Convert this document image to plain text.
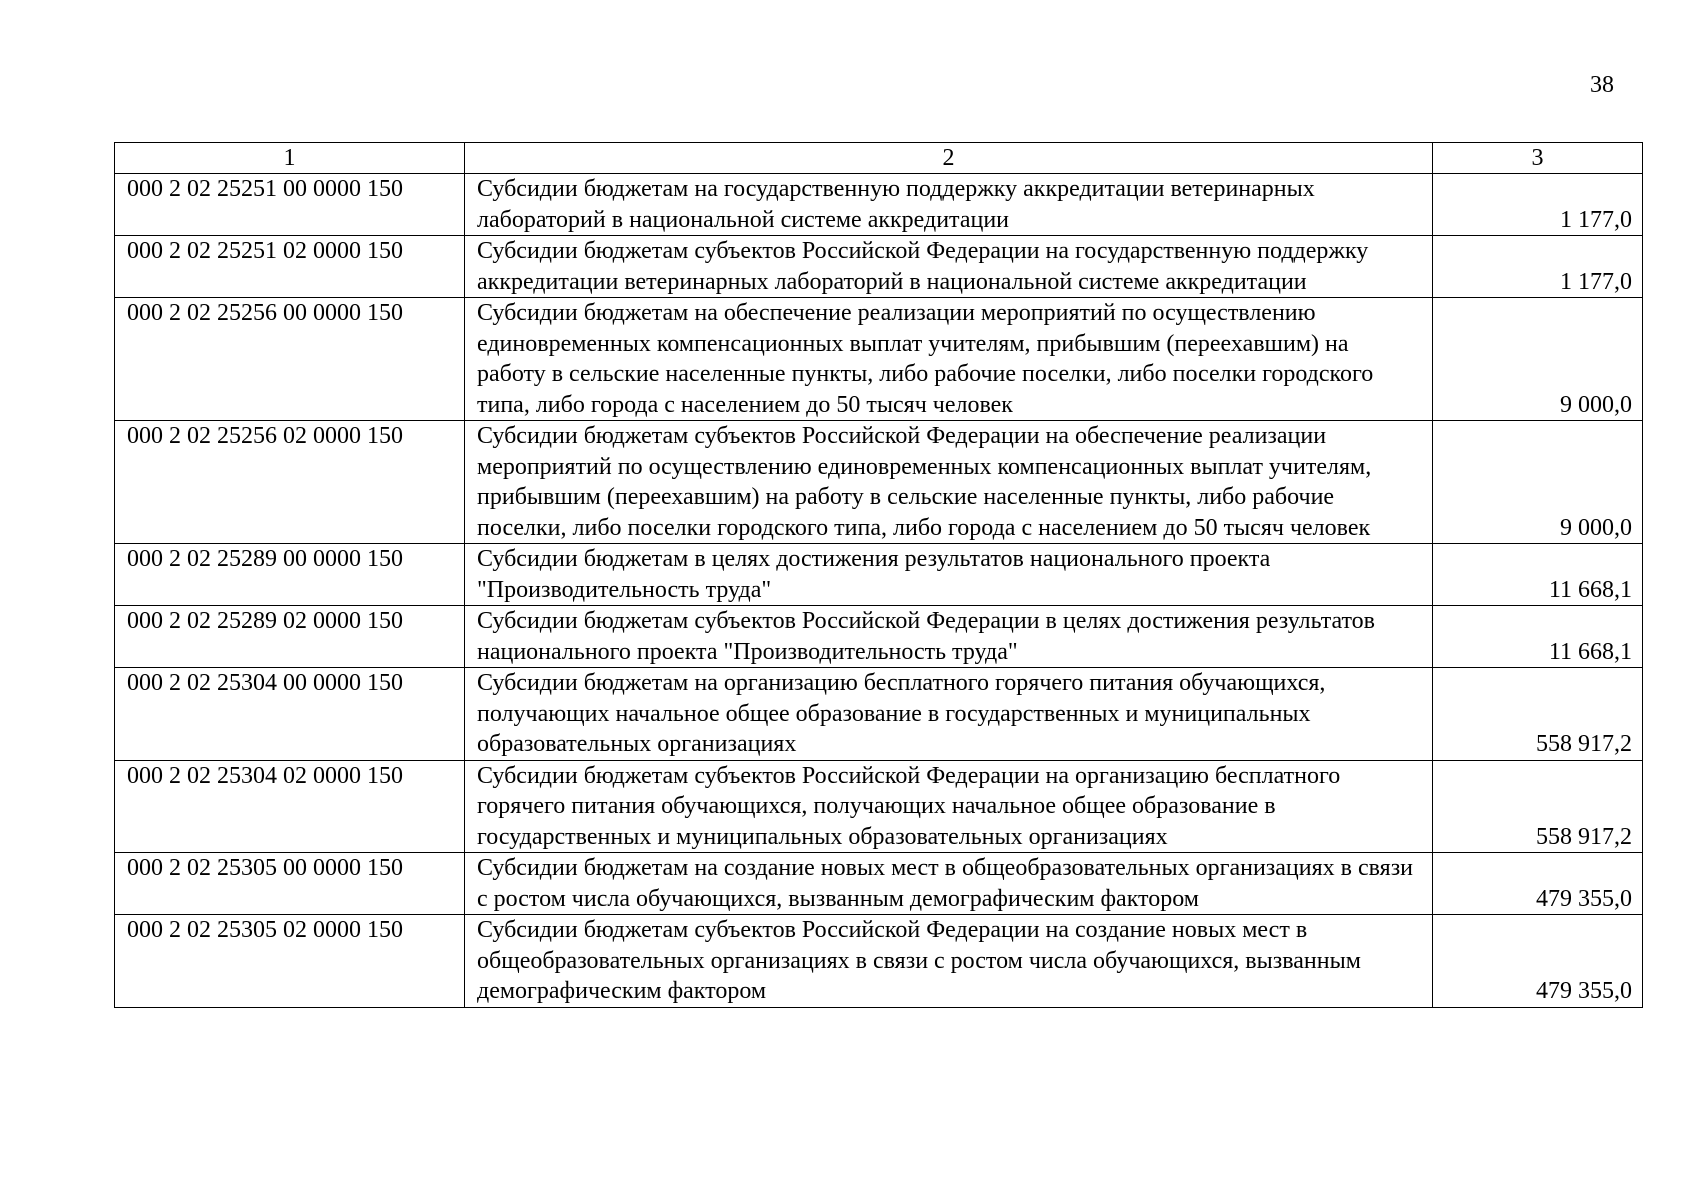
38
1	2	3
000 2 02 25251 00 0000 150	Субсидии бюджетам на государственную поддержку аккредитации ветеринарных лабораторий в национальной системе аккредитации	1 177,0
000 2 02 25251 02 0000 150	Субсидии бюджетам субъектов Российской Федерации на государственную поддержку аккредитации ветеринарных лабораторий в национальной системе аккредитации	1 177,0
000 2 02 25256 00 0000 150	Субсидии бюджетам на обеспечение реализации мероприятий по осуществлению единовременных компенсационных выплат учителям, прибывшим (переехавшим) на работу в сельские населенные пункты, либо рабочие поселки, либо поселки городского типа, либо города с населением до 50 тысяч человек	9 000,0
000 2 02 25256 02 0000 150	Субсидии бюджетам субъектов Российской Федерации на обеспечение реализации мероприятий по осуществлению единовременных компенсационных выплат учителям, прибывшим (переехавшим) на работу в сельские населенные пункты, либо рабочие поселки, либо поселки городского типа, либо города с населением до 50 тысяч человек	9 000,0
000 2 02 25289 00 0000 150	Субсидии бюджетам в целях достижения результатов национального проекта "Производительность труда"	11 668,1
000 2 02 25289 02 0000 150	Субсидии бюджетам субъектов Российской Федерации в целях достижения результатов национального проекта "Производительность труда"	11 668,1
000 2 02 25304 00 0000 150	Субсидии бюджетам на организацию бесплатного горячего питания обучающихся, получающих начальное общее образование в государственных и муниципальных образовательных организациях	558 917,2
000 2 02 25304 02 0000 150	Субсидии бюджетам субъектов Российской Федерации на организацию бесплатного горячего питания обучающихся, получающих начальное общее образование в государственных и муниципальных образовательных организациях	558 917,2
000 2 02 25305 00 0000 150	Субсидии бюджетам на создание новых мест в общеобразовательных организациях в связи с ростом числа обучающихся, вызванным демографическим фактором	479 355,0
000 2 02 25305 02 0000 150	Субсидии бюджетам субъектов Российской Федерации на создание новых мест в общеобразовательных организациях в связи с ростом числа обучающихся, вызванным демографическим фактором	479 355,0
